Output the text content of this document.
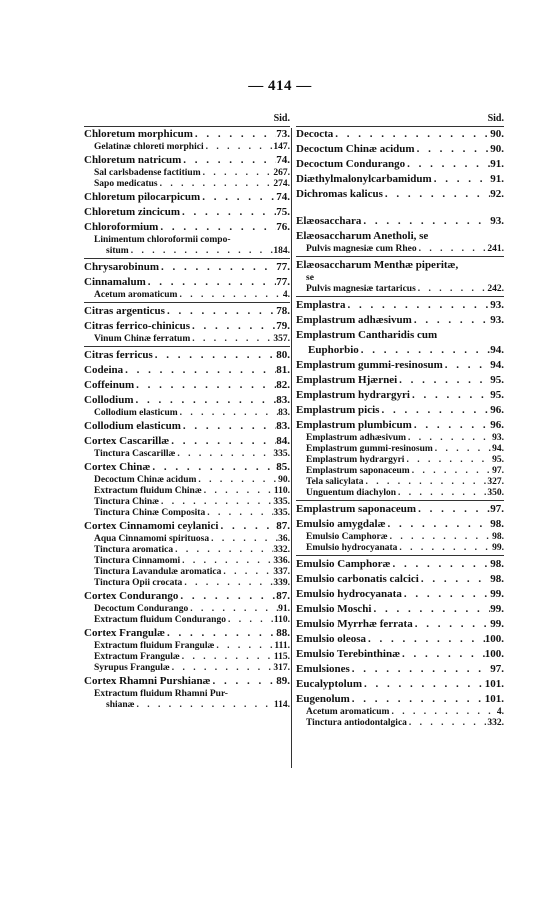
— 414 —
Sid.
Chloretum morphicum . . .	73.
Gelatinæ chloreti morphici . . .	147.
Chloretum natricum . . .	74.
Sal carlsbadense factitium . . .	267.
Sapo medicatus . . .	274.
Chloretum pilocarpicum . . .	74.
Chloretum zincicum . . .	75.
Chloroformium . . .	76.
Linimentum chloroformii compo-
situm . . .	184.
Chrysarobinum . . .	77.
Cinnamalum . . .	77.
Acetum aromaticum . . .	4.
Citras argenticus . . .	78.
Citras ferrico-chinicus . . .	79.
Vinum Chinæ ferratum . . .	357.
Citras ferricus . . .	80.
Codeina . . .	81.
Coffeinum . . .	82.
Collodium . . .	83.
Collodium elasticum . . .	83.
Collodium elasticum . . .	83.
Cortex Cascarillæ . . .	84.
Tinctura Cascarillæ . . .	335.
Cortex Chinæ . . .	85.
Decoctum Chinæ acidum . . .	90.
Extractum fluidum Chinæ . . .	110.
Tinctura Chinæ . . .	335.
Tinctura Chinæ Composita . . .	335.
Cortex Cinnamomi ceylanici . . .	87.
Aqua Cinnamomi spirituosa . . .	36.
Tinctura aromatica . . .	332.
Tinctura Cinnamomi . . .	336.
Tinctura Lavandulæ aromatica . . .	337.
Tinctura Opii crocata . . .	339.
Cortex Condurango . . .	87.
Decoctum Condurango . . .	91.
Extractum fluidum Condurango . . .	110.
Cortex Frangulæ . . .	88.
Extractum fluidum Frangulæ . . .	111.
Extractum Frangulæ . . .	115.
Syrupus Frangulæ . . .	317.
Cortex Rhamni Purshianæ . . .	89.
Extractum fluidum Rhamni Pur-
shianæ . . .	114.
Sid.
Decocta . . .	90.
Decoctum Chinæ acidum . . .	90.
Decoctum Condurango . . .	91.
Diæthylmalonylcarbamidum . . .	91.
Dichromas kalicus . . .	92.
Elæosacchara . . .	93.
Elæosaccharum Anetholi, se
Pulvis magnesiæ cum Rheo . . .	241.
Elæosaccharum Menthæ piperitæ,
se
Pulvis magnesiæ tartaricus . . .	242.
Emplastra . . .	93.
Emplastrum adhæsivum . . .	93.
Emplastrum Cantharidis cum
Euphorbio . . .	94.
Emplastrum gummi-resinosum . . .	94.
Emplastrum Hjærnei . . .	95.
Emplastrum hydrargyri . . .	95.
Emplastrum picis . . .	96.
Emplastrum plumbicum . . .	96.
Emplastrum adhæsivum . . .	93.
Emplastrum gummi-resinosum . . .	94.
Emplastrum hydrargyri . . .	95.
Emplastrum saponaceum . . .	97.
Tela salicylata . . .	327.
Unguentum diachylon . . .	350.
Emplastrum saponaceum . . .	97.
Emulsio amygdalæ . . .	98.
Emulsio Camphoræ . . .	98.
Emulsio hydrocyanata . . .	99.
Emulsio Camphoræ . . .	98.
Emulsio carbonatis calcici . . .	98.
Emulsio hydrocyanata . . .	99.
Emulsio Moschi . . .	99.
Emulsio Myrrhæ ferrata . . .	99.
Emulsio oleosa . . .	100.
Emulsio Terebinthinæ . . .	100.
Emulsiones . . .	97.
Eucalyptolum . . .	101.
Eugenolum . . .	101.
Acetum aromaticum . . .	4.
Tinctura antiodontalgica . . .	332.
